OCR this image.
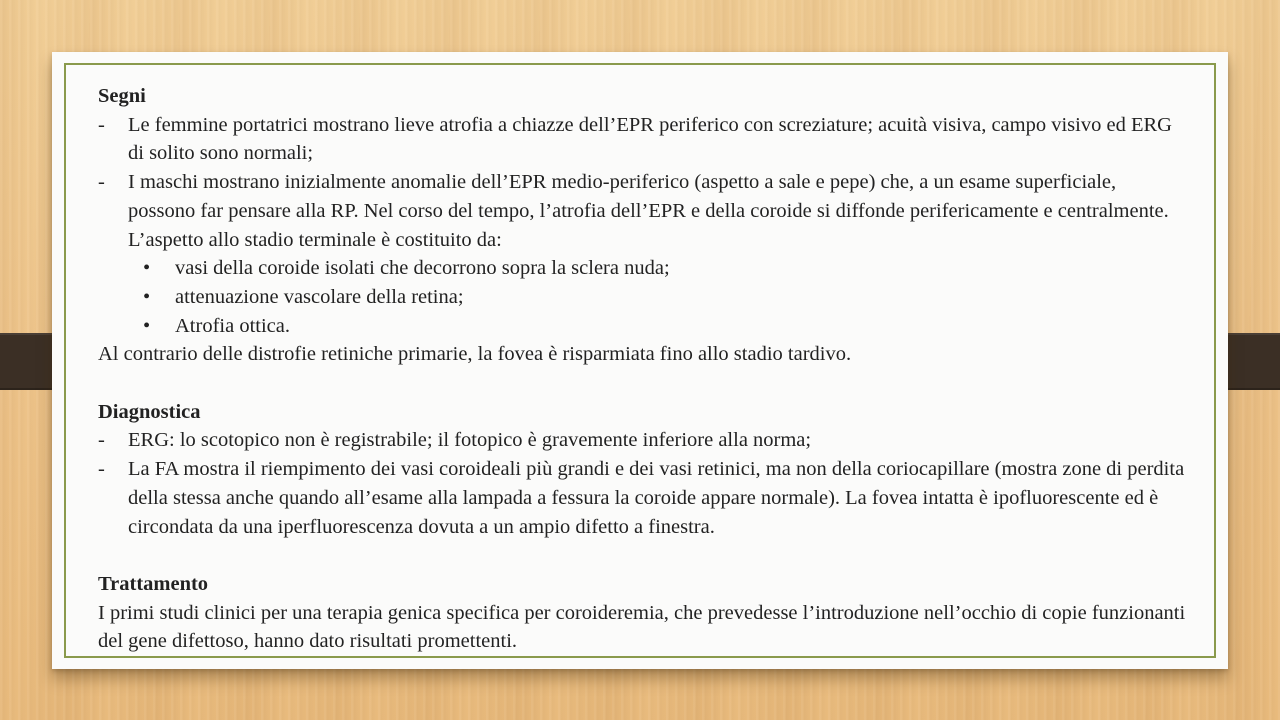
Segni
- Le femmine portatrici mostrano lieve atrofia a chiazze dell’EPR periferico con screziature; acuità visiva, campo visivo ed ERG di solito sono normali;
- I maschi mostrano inizialmente anomalie dell’EPR medio-periferico (aspetto a sale e pepe) che, a un esame superficiale, possono far pensare alla RP. Nel corso del tempo, l’atrofia dell’EPR e della coroide si diffonde perifericamente e centralmente. L’aspetto allo stadio terminale è costituito da:
• vasi della coroide isolati che decorrono sopra la sclera nuda;
• attenuazione vascolare della retina;
• Atrofia ottica.
Al contrario delle distrofie retiniche primarie, la fovea è risparmiata fino allo stadio tardivo.
Diagnostica
- ERG: lo scotopico non è registrabile; il fotopico è gravemente inferiore alla norma;
- La FA mostra il riempimento dei vasi coroideali più grandi e dei vasi retinici, ma non della coriocapillare (mostra zone di perdita della stessa anche quando all’esame alla lampada a fessura la coroide appare normale). La fovea intatta è ipofluorescente ed è circondata da una iperfluorescenza dovuta a un ampio difetto a finestra.
Trattamento
I primi studi clinici per una terapia genica specifica per coroideremia, che prevedesse l’introduzione nell’occhio di copie funzionanti del gene difettoso, hanno dato risultati promettenti.
